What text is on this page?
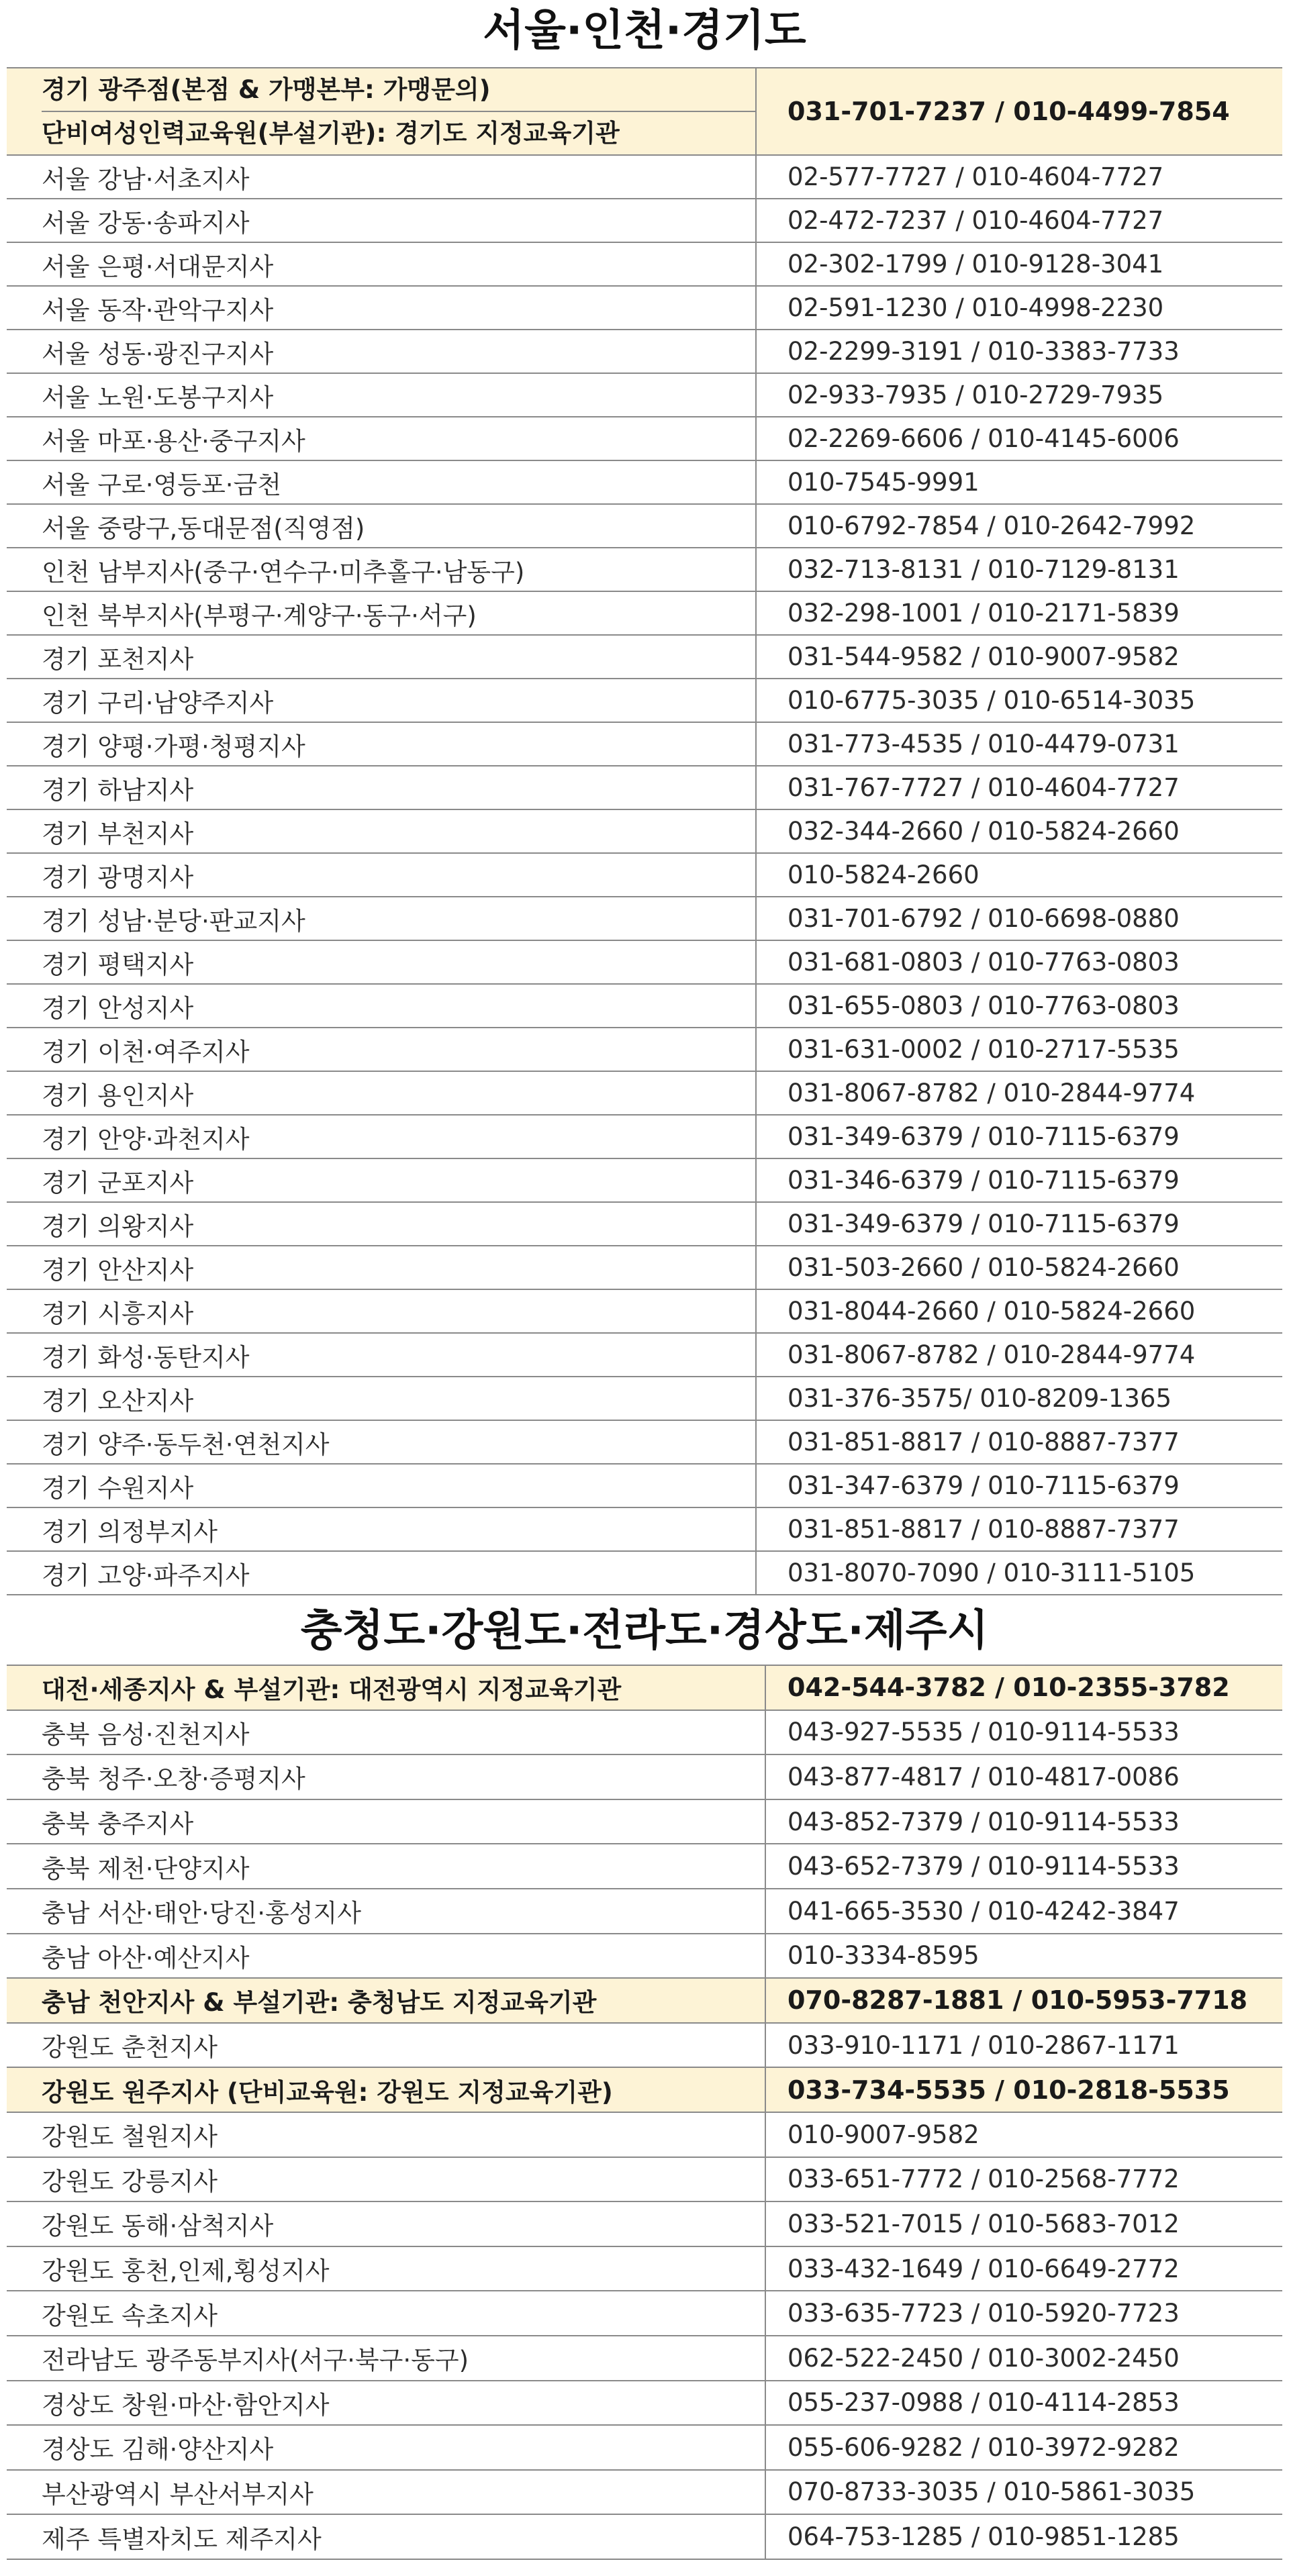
서울·인천·경기도
경기 광주점(본점 & 가맹본부: 가맹문의)
단비여성인력교육원(부설기관): 경기도 지정교육기관	031-701-7237 / 010-4499-7854
서울 강남·서초지사	02-577-7727 / 010-4604-7727
서울 강동·송파지사	02-472-7237 / 010-4604-7727
서울 은평·서대문지사	02-302-1799 / 010-9128-3041
서울 동작·관악구지사	02-591-1230 / 010-4998-2230
서울 성동·광진구지사	02-2299-3191 / 010-3383-7733
서울 노원·도봉구지사	02-933-7935 / 010-2729-7935
서울 마포·용산·중구지사	02-2269-6606 / 010-4145-6006
서울 구로·영등포·금천	010-7545-9991
서울 중랑구,동대문점(직영점)	010-6792-7854 / 010-2642-7992
인천 남부지사(중구·연수구·미추홀구·남동구)	032-713-8131 / 010-7129-8131
인천 북부지사(부평구·계양구·동구·서구)	032-298-1001 / 010-2171-5839
경기 포천지사	031-544-9582 / 010-9007-9582
경기 구리·남양주지사	010-6775-3035 / 010-6514-3035
경기 양평·가평·청평지사	031-773-4535 / 010-4479-0731
경기 하남지사	031-767-7727 / 010-4604-7727
경기 부천지사	032-344-2660 / 010-5824-2660
경기 광명지사	010-5824-2660
경기 성남·분당·판교지사	031-701-6792 / 010-6698-0880
경기 평택지사	031-681-0803 / 010-7763-0803
경기 안성지사	031-655-0803 / 010-7763-0803
경기 이천·여주지사	031-631-0002 / 010-2717-5535
경기 용인지사	031-8067-8782 / 010-2844-9774
경기 안양·과천지사	031-349-6379 / 010-7115-6379
경기 군포지사	031-346-6379 / 010-7115-6379
경기 의왕지사	031-349-6379 / 010-7115-6379
경기 안산지사	031-503-2660 / 010-5824-2660
경기 시흥지사	031-8044-2660 / 010-5824-2660
경기 화성·동탄지사	031-8067-8782 / 010-2844-9774
경기 오산지사	031-376-3575/ 010-8209-1365
경기 양주·동두천·연천지사	031-851-8817 / 010-8887-7377
경기 수원지사	031-347-6379 / 010-7115-6379
경기 의정부지사	031-851-8817 / 010-8887-7377
경기 고양·파주지사	031-8070-7090 / 010-3111-5105
충청도·강원도·전라도·경상도·제주시
대전·세종지사 & 부설기관: 대전광역시 지정교육기관	042-544-3782 / 010-2355-3782
충북 음성·진천지사	043-927-5535 / 010-9114-5533
충북 청주·오창·증평지사	043-877-4817 / 010-4817-0086
충북 충주지사	043-852-7379 / 010-9114-5533
충북 제천·단양지사	043-652-7379 / 010-9114-5533
충남 서산·태안·당진·홍성지사	041-665-3530 / 010-4242-3847
충남 아산·예산지사	010-3334-8595
충남 천안지사 & 부설기관: 충청남도 지정교육기관	070-8287-1881 / 010-5953-7718
강원도 춘천지사	033-910-1171 / 010-2867-1171
강원도 원주지사 (단비교육원: 강원도 지정교육기관)	033-734-5535 / 010-2818-5535
강원도 철원지사	010-9007-9582
강원도 강릉지사	033-651-7772 / 010-2568-7772
강원도 동해·삼척지사	033-521-7015 / 010-5683-7012
강원도 홍천,인제,횡성지사	033-432-1649 / 010-6649-2772
강원도 속초지사	033-635-7723 / 010-5920-7723
전라남도 광주동부지사(서구·북구·동구)	062-522-2450 / 010-3002-2450
경상도 창원·마산·함안지사	055-237-0988 / 010-4114-2853
경상도 김해·양산지사	055-606-9282 / 010-3972-9282
부산광역시 부산서부지사	070-8733-3035 / 010-5861-3035
제주 특별자치도 제주지사	064-753-1285 / 010-9851-1285
